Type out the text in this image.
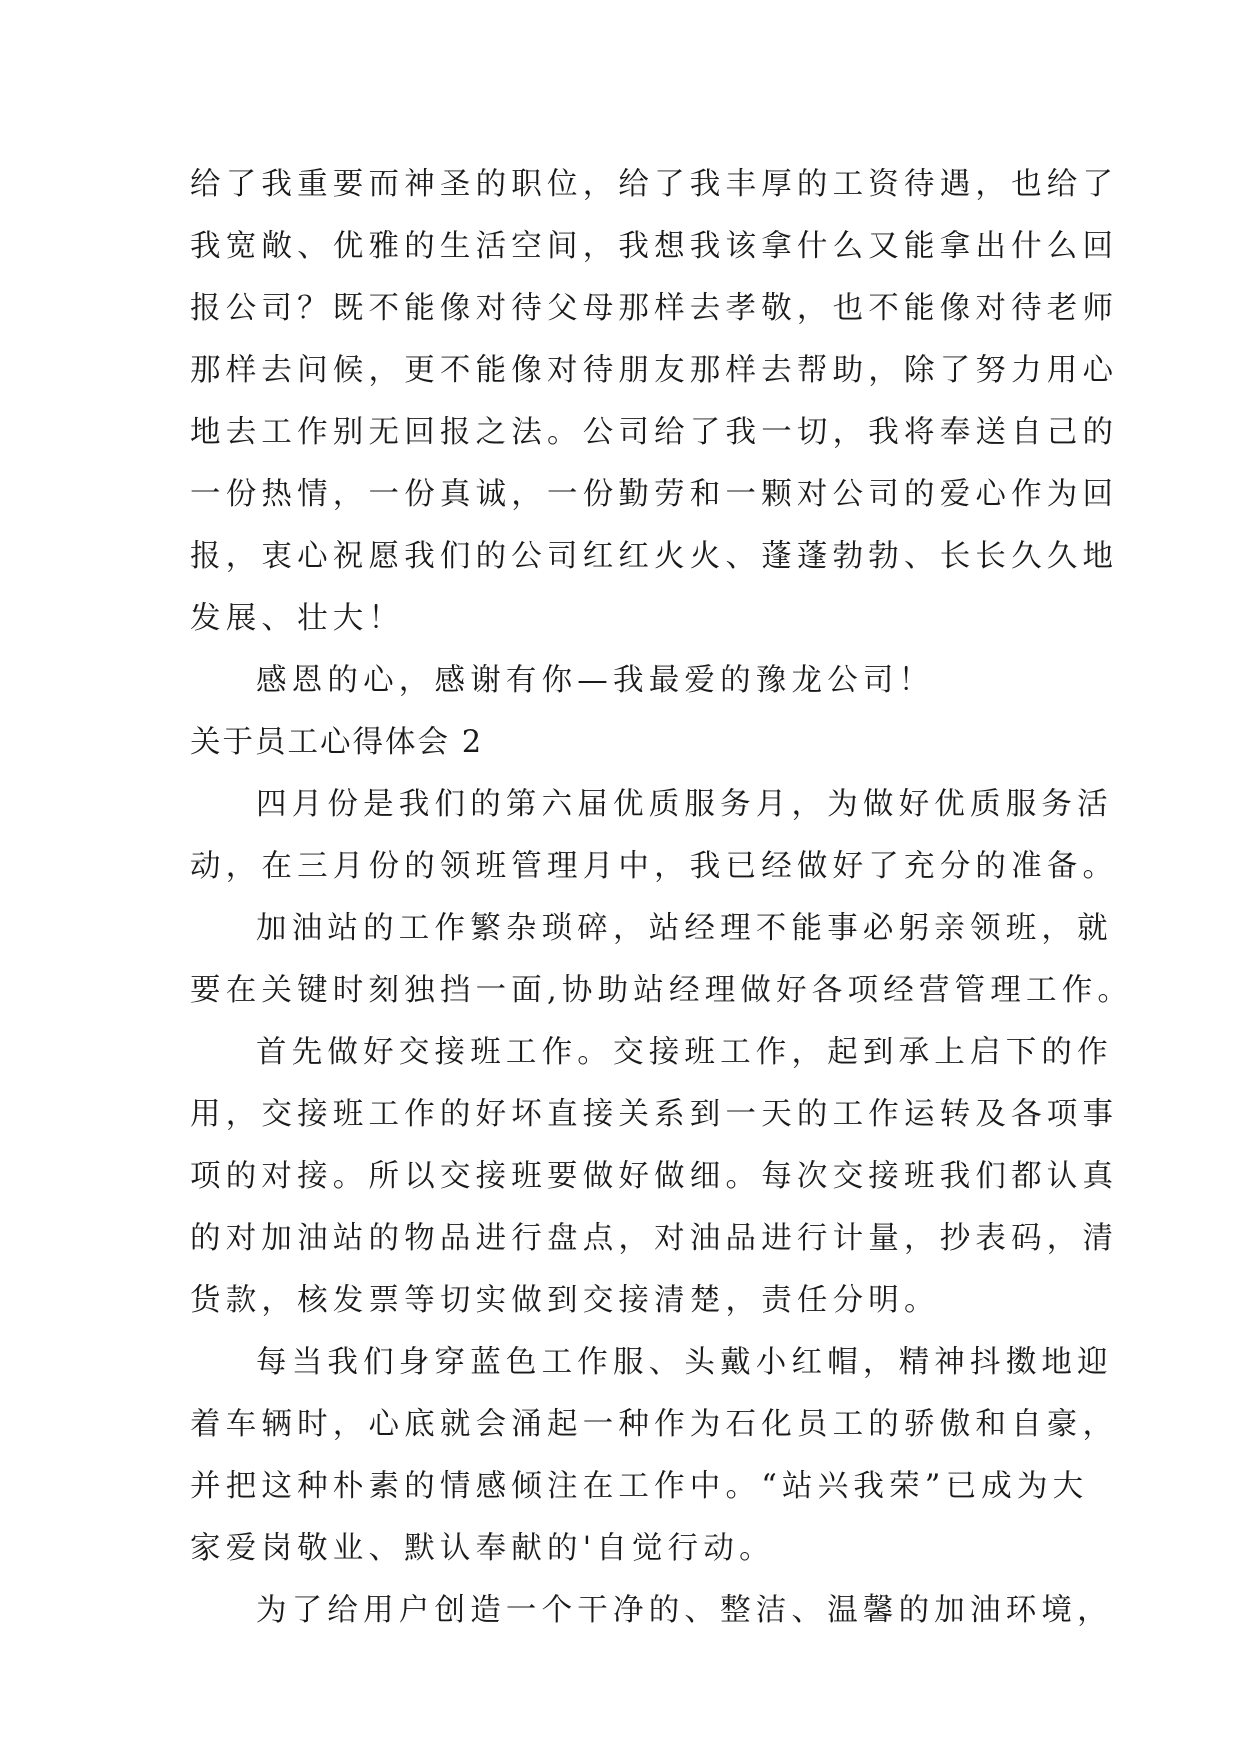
给了我重要而神圣的职位，给了我丰厚的工资待遇，也给了
我宽敞、优雅的生活空间，我想我该拿什么又能拿出什么回
报公司？既不能像对待父母那样去孝敬，也不能像对待老师
那样去问候，更不能像对待朋友那样去帮助，除了努力用心
地去工作别无回报之法。公司给了我一切，我将奉送自己的
一份热情，一份真诚，一份勤劳和一颗对公司的爱心作为回
报，衷心祝愿我们的公司红红火火、蓬蓬勃勃、长长久久地
发展、壮大！
感恩的心，感谢有你—我最爱的豫龙公司！
关于员工心得体会 2
四月份是我们的第六届优质服务月，为做好优质服务活
动，在三月份的领班管理月中，我已经做好了充分的准备。
加油站的工作繁杂琐碎，站经理不能事必躬亲领班，就
要在关键时刻独挡一面,协助站经理做好各项经营管理工作。
首先做好交接班工作。交接班工作，起到承上启下的作
用，交接班工作的好坏直接关系到一天的工作运转及各项事
项的对接。所以交接班要做好做细。每次交接班我们都认真
的对加油站的物品进行盘点，对油品进行计量，抄表码，清
货款，核发票等切实做到交接清楚，责任分明。
每当我们身穿蓝色工作服、头戴小红帽，精神抖擞地迎
着车辆时，心底就会涌起一种作为石化员工的骄傲和自豪，
并把这种朴素的情感倾注在工作中。“站兴我荣”已成为大
家爱岗敬业、默认奉献的'自觉行动。
为了给用户创造一个干净的、整洁、温馨的加油环境，
